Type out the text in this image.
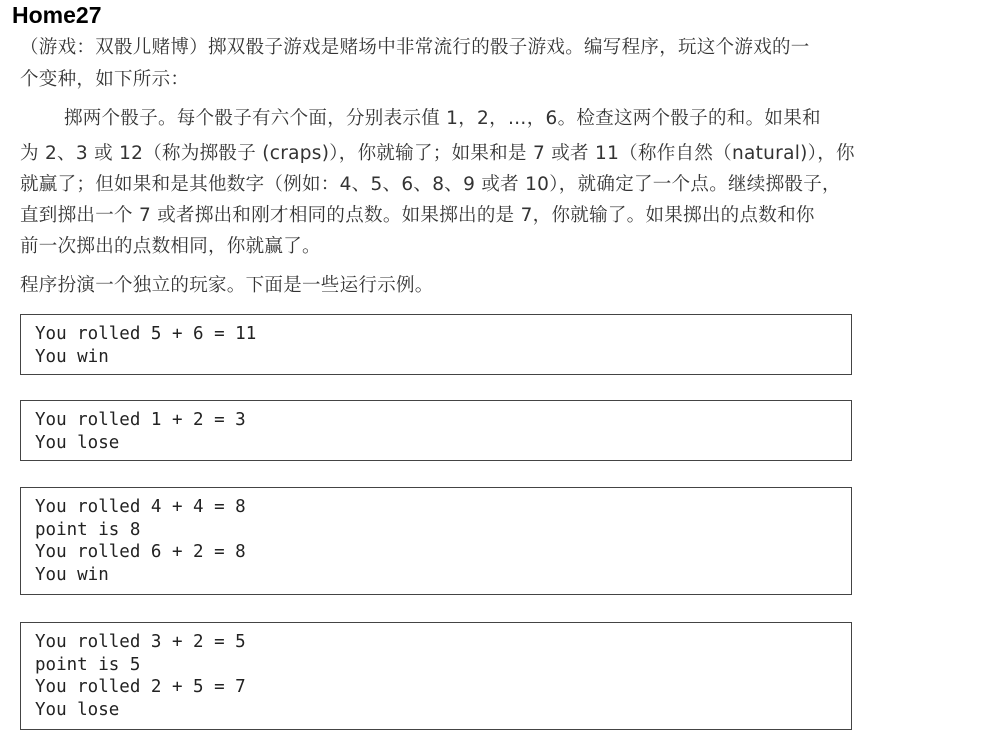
Home27
（游戏：双骰儿赌博）掷双骰子游戏是赌场中非常流行的骰子游戏。编写程序，玩这个游戏的一
个变种，如下所示：
掷两个骰子。每个骰子有六个面，分别表示值 1，2，…，6。检查这两个骰子的和。如果和
为 2、3 或 12（称为掷骰子 (craps)），你就输了；如果和是 7 或者 11（称作自然（natural)），你
就赢了；但如果和是其他数字（例如：4、5、6、8、9 或者 10），就确定了一个点。继续掷骰子，
直到掷出一个 7 或者掷出和刚才相同的点数。如果掷出的是 7，你就输了。如果掷出的点数和你
前一次掷出的点数相同，你就赢了。
程序扮演一个独立的玩家。下面是一些运行示例。
You rolled 5 + 6 = 11
You win
You rolled 1 + 2 = 3
You lose
You rolled 4 + 4 = 8
point is 8
You rolled 6 + 2 = 8
You win
You rolled 3 + 2 = 5
point is 5
You rolled 2 + 5 = 7
You lose
